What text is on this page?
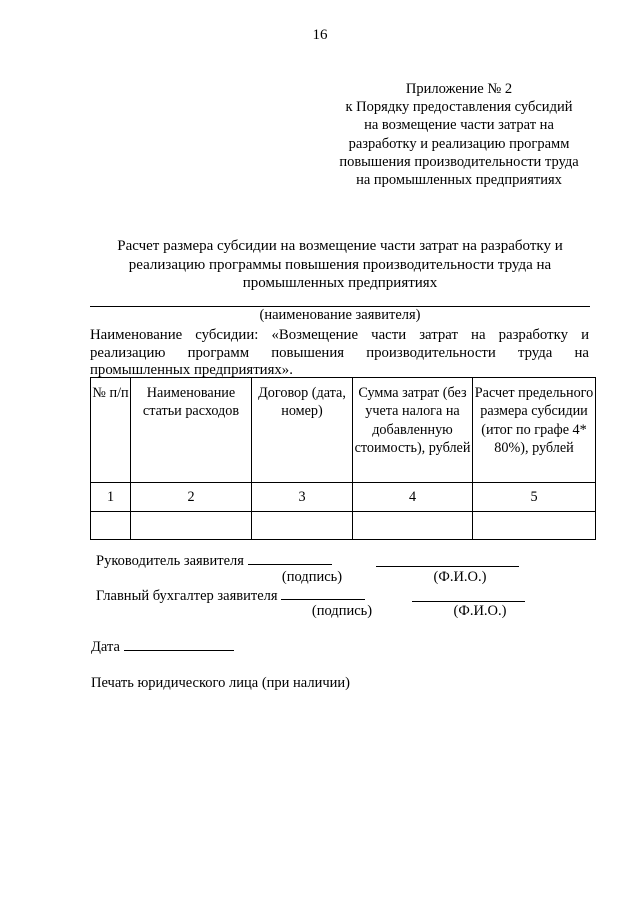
16
Приложение № 2
к Порядку предоставления субсидий
на возмещение части затрат на
разработку и реализацию программ
повышения производительности труда
на промышленных предприятиях
Расчет размера субсидии на возмещение части затрат на разработку и реализацию программы повышения производительности труда на промышленных предприятиях
(наименование заявителя)
Наименование субсидии: «Возмещение части затрат на разработку и реализацию программ повышения производительности труда на промышленных предприятиях».
№ п/п	Наименование статьи расходов	Договор (дата, номер)	Сумма затрат (без учета налога на добавленную стоимость), рублей	Расчет предельного размера субсидии (итог по графе 4* 80%), рублей
1	2	3	4	5

Руководитель заявителя
(подпись)	(Ф.И.О.)
Главный бухгалтер заявителя
(подпись)	(Ф.И.О.)
Дата
Печать юридического лица (при наличии)
